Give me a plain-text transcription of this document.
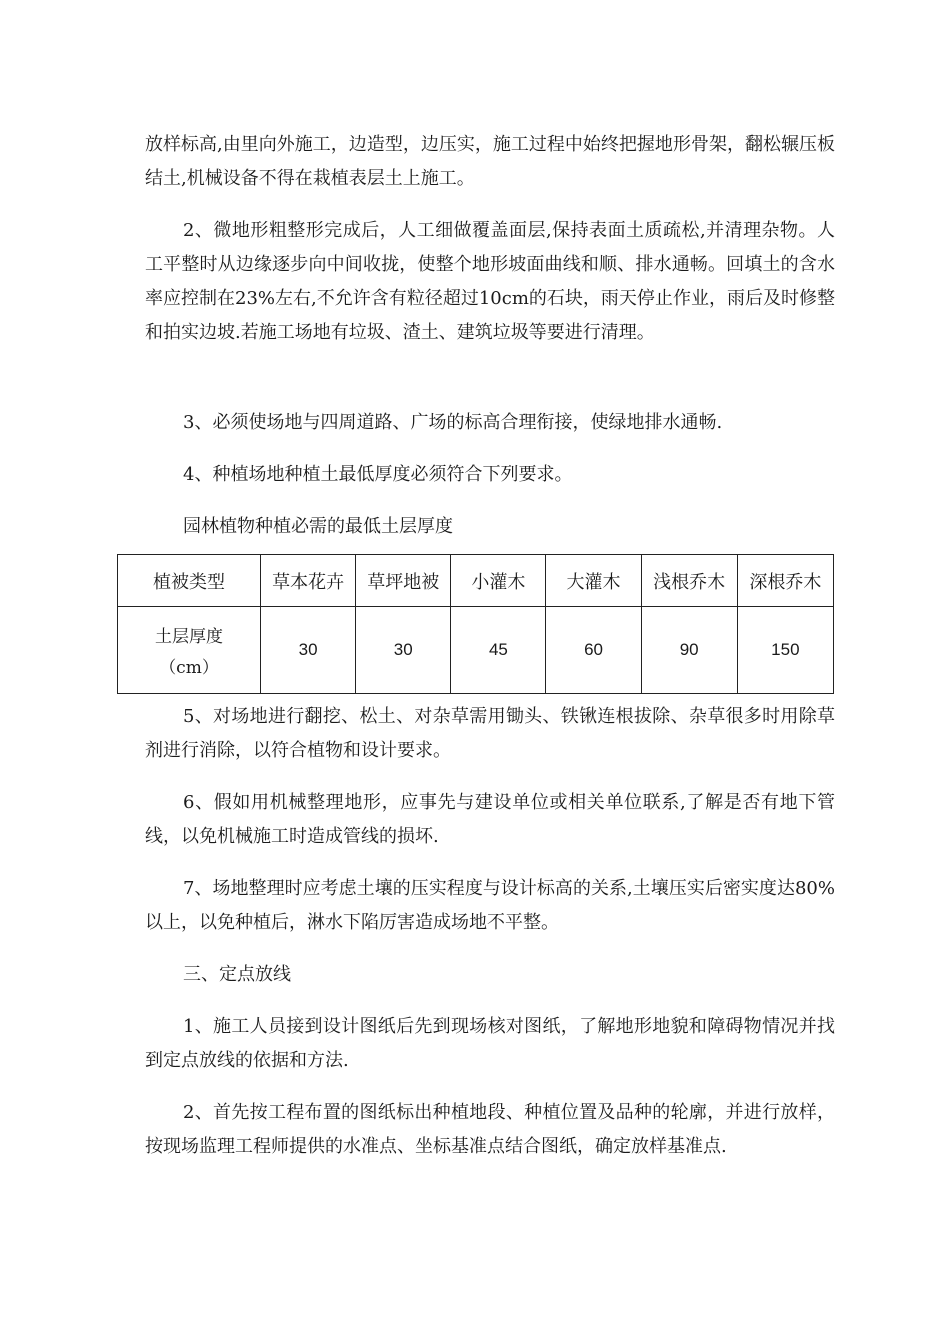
放样标高,由里向外施工，边造型，边压实，施工过程中始终把握地形骨架，翻松辗压板结土,机械设备不得在栽植表层土上施工。

2、微地形粗整形完成后，人工细做覆盖面层,保持表面土质疏松,并清理杂物。人工平整时从边缘逐步向中间收拢，使整个地形坡面曲线和顺、排水通畅。回填土的含水率应控制在23%左右,不允许含有粒径超过10cm的石块，雨天停止作业，雨后及时修整和拍实边坡.若施工场地有垃圾、渣土、建筑垃圾等要进行清理。

3、必须使场地与四周道路、广场的标高合理衔接，使绿地排水通畅.

4、种植场地种植土最低厚度必须符合下列要求。

园林植物种植必需的最低土层厚度

植被类型	草本花卉	草坪地被	小灌木	大灌木	浅根乔木	深根乔木

土层厚度
（cm）	30	30	45	60	90	150

5、对场地进行翻挖、松土、对杂草需用锄头、铁锹连根拔除、杂草很多时用除草剂进行消除，以符合植物和设计要求。

6、假如用机械整理地形，应事先与建设单位或相关单位联系,了解是否有地下管线，以免机械施工时造成管线的损坏.

7、场地整理时应考虑土壤的压实程度与设计标高的关系,土壤压实后密实度达80%以上，以免种植后，淋水下陷厉害造成场地不平整。

三、定点放线

1、施工人员接到设计图纸后先到现场核对图纸，了解地形地貌和障碍物情况并找到定点放线的依据和方法.

2、首先按工程布置的图纸标出种植地段、种植位置及品种的轮廓，并进行放样，按现场监理工程师提供的水准点、坐标基准点结合图纸，确定放样基准点.
